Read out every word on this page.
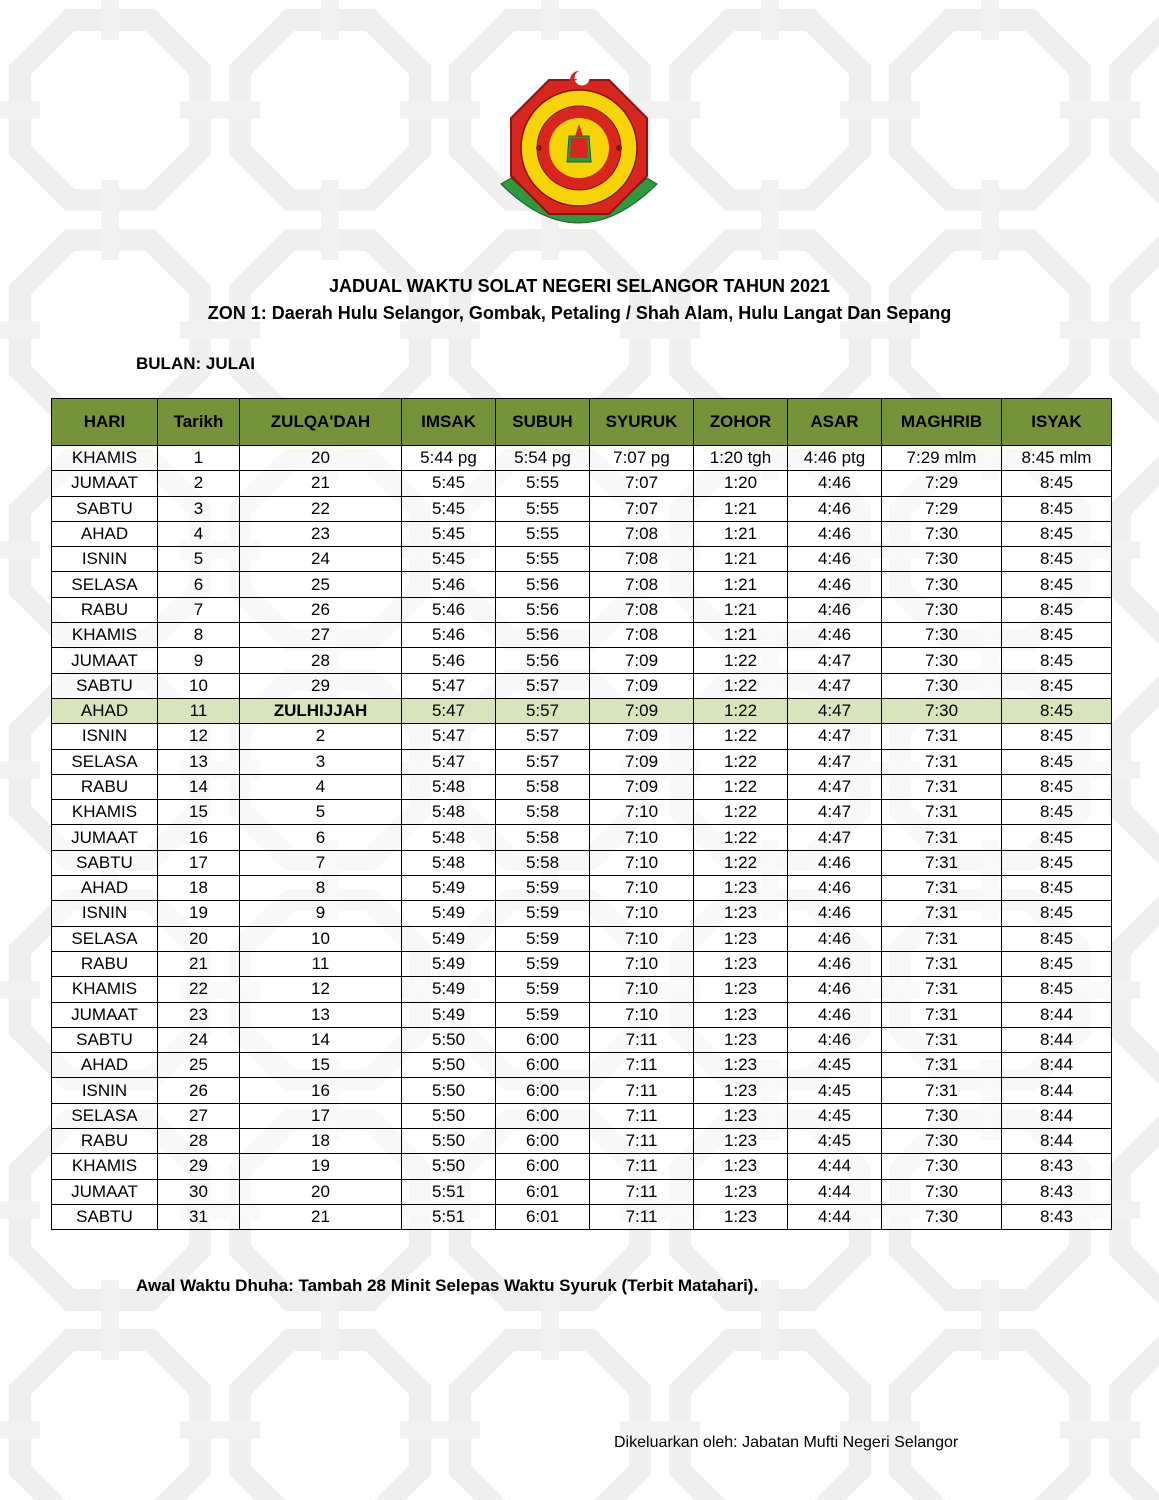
JADUAL WAKTU SOLAT NEGERI SELANGOR TAHUN 2021
ZON 1: Daerah Hulu Selangor, Gombak, Petaling / Shah Alam, Hulu Langat Dan Sepang
BULAN: JULAI
HARI	Tarikh	ZULQA'DAH	IMSAK	SUBUH	SYURUK	ZOHOR	ASAR	MAGHRIB	ISYAK
KHAMIS	1	20	5:44 pg	5:54 pg	7:07 pg	1:20 tgh	4:46 ptg	7:29 mlm	8:45 mlm
JUMAAT	2	21	5:45	5:55	7:07	1:20	4:46	7:29	8:45
SABTU	3	22	5:45	5:55	7:07	1:21	4:46	7:29	8:45
AHAD	4	23	5:45	5:55	7:08	1:21	4:46	7:30	8:45
ISNIN	5	24	5:45	5:55	7:08	1:21	4:46	7:30	8:45
SELASA	6	25	5:46	5:56	7:08	1:21	4:46	7:30	8:45
RABU	7	26	5:46	5:56	7:08	1:21	4:46	7:30	8:45
KHAMIS	8	27	5:46	5:56	7:08	1:21	4:46	7:30	8:45
JUMAAT	9	28	5:46	5:56	7:09	1:22	4:47	7:30	8:45
SABTU	10	29	5:47	5:57	7:09	1:22	4:47	7:30	8:45
AHAD	11	ZULHIJJAH	5:47	5:57	7:09	1:22	4:47	7:30	8:45
ISNIN	12	2	5:47	5:57	7:09	1:22	4:47	7:31	8:45
SELASA	13	3	5:47	5:57	7:09	1:22	4:47	7:31	8:45
RABU	14	4	5:48	5:58	7:09	1:22	4:47	7:31	8:45
KHAMIS	15	5	5:48	5:58	7:10	1:22	4:47	7:31	8:45
JUMAAT	16	6	5:48	5:58	7:10	1:22	4:47	7:31	8:45
SABTU	17	7	5:48	5:58	7:10	1:22	4:46	7:31	8:45
AHAD	18	8	5:49	5:59	7:10	1:23	4:46	7:31	8:45
ISNIN	19	9	5:49	5:59	7:10	1:23	4:46	7:31	8:45
SELASA	20	10	5:49	5:59	7:10	1:23	4:46	7:31	8:45
RABU	21	11	5:49	5:59	7:10	1:23	4:46	7:31	8:45
KHAMIS	22	12	5:49	5:59	7:10	1:23	4:46	7:31	8:45
JUMAAT	23	13	5:49	5:59	7:10	1:23	4:46	7:31	8:44
SABTU	24	14	5:50	6:00	7:11	1:23	4:46	7:31	8:44
AHAD	25	15	5:50	6:00	7:11	1:23	4:45	7:31	8:44
ISNIN	26	16	5:50	6:00	7:11	1:23	4:45	7:31	8:44
SELASA	27	17	5:50	6:00	7:11	1:23	4:45	7:30	8:44
RABU	28	18	5:50	6:00	7:11	1:23	4:45	7:30	8:44
KHAMIS	29	19	5:50	6:00	7:11	1:23	4:44	7:30	8:43
JUMAAT	30	20	5:51	6:01	7:11	1:23	4:44	7:30	8:43
SABTU	31	21	5:51	6:01	7:11	1:23	4:44	7:30	8:43
Awal Waktu Dhuha: Tambah 28 Minit Selepas Waktu Syuruk (Terbit Matahari).
Dikeluarkan oleh: Jabatan Mufti Negeri Selangor
